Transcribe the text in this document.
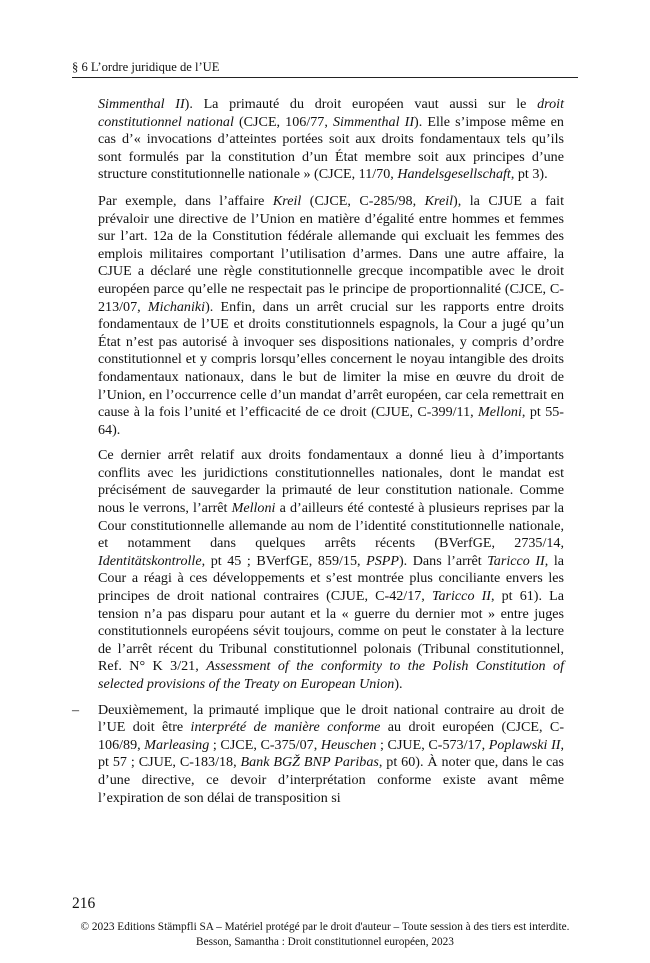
§ 6 L’ordre juridique de l’UE

Simmenthal II). La primauté du droit européen vaut aussi sur le droit constitutionnel national (CJCE, 106/77, Simmenthal II). Elle s’impose même en cas d’« invocations d’atteintes portées soit aux droits fondamentaux tels qu’ils sont formulés par la constitution d’un État membre soit aux principes d’une structure constitutionnelle nationale » (CJCE, 11/70, Handelsgesellschaft, pt 3).

Par exemple, dans l’affaire Kreil (CJCE, C-285/98, Kreil), la CJUE a fait prévaloir une directive de l’Union en matière d’égalité entre hommes et femmes sur l’art. 12a de la Constitution fédérale allemande qui excluait les femmes des emplois militaires comportant l’utilisation d’armes. Dans une autre affaire, la CJUE a déclaré une règle constitutionnelle grecque incompatible avec le droit européen parce qu’elle ne respectait pas le principe de proportionnalité (CJCE, C-213/07, Michaniki). Enfin, dans un arrêt crucial sur les rapports entre droits fondamentaux de l’UE et droits constitutionnels espagnols, la Cour a jugé qu’un État n’est pas autorisé à invoquer ses dispositions nationales, y compris d’ordre constitutionnel et y compris lorsqu’elles concernent le noyau intangible des droits fondamentaux nationaux, dans le but de limiter la mise en œuvre du droit de l’Union, en l’occurrence celle d’un mandat d’arrêt européen, car cela remettrait en cause à la fois l’unité et l’efficacité de ce droit (CJUE, C-399/11, Melloni, pt 55-64).

Ce dernier arrêt relatif aux droits fondamentaux a donné lieu à d’importants conflits avec les juridictions constitutionnelles nationales, dont le mandat est précisément de sauvegarder la primauté de leur constitution nationale. Comme nous le verrons, l’arrêt Melloni a d’ailleurs été contesté à plusieurs reprises par la Cour constitutionnelle allemande au nom de l’identité constitutionnelle nationale, et notamment dans quelques arrêts récents (BVerfGE, 2735/14, Identitätskontrolle, pt 45 ; BVerfGE, 859/15, PSPP). Dans l’arrêt Taricco II, la Cour a réagi à ces développements et s’est montrée plus conciliante envers les principes de droit national contraires (CJUE, C-42/17, Taricco II, pt 61). La tension n’a pas disparu pour autant et la « guerre du dernier mot » entre juges constitutionnels européens sévit toujours, comme on peut le constater à la lecture de l’arrêt récent du Tribunal constitutionnel polonais (Tribunal constitutionnel, Ref. N° K 3/21, Assessment of the conformity to the Polish Constitution of selected provisions of the Treaty on European Union).

– Deuxièmement, la primauté implique que le droit national contraire au droit de l’UE doit être interprété de manière conforme au droit européen (CJCE, C-106/89, Marleasing ; CJCE, C-375/07, Heuschen ; CJUE, C-573/17, Poplawski II, pt 57 ; CJUE, C-183/18, Bank BGŽ BNP Paribas, pt 60). À noter que, dans le cas d’une directive, ce devoir d’interprétation conforme existe avant même l’expiration de son délai de transposition si

216
© 2023 Editions Stämpfli SA – Matériel protégé par le droit d'auteur – Toute session à des tiers est interdite.
Besson, Samantha : Droit constitutionnel européen, 2023
